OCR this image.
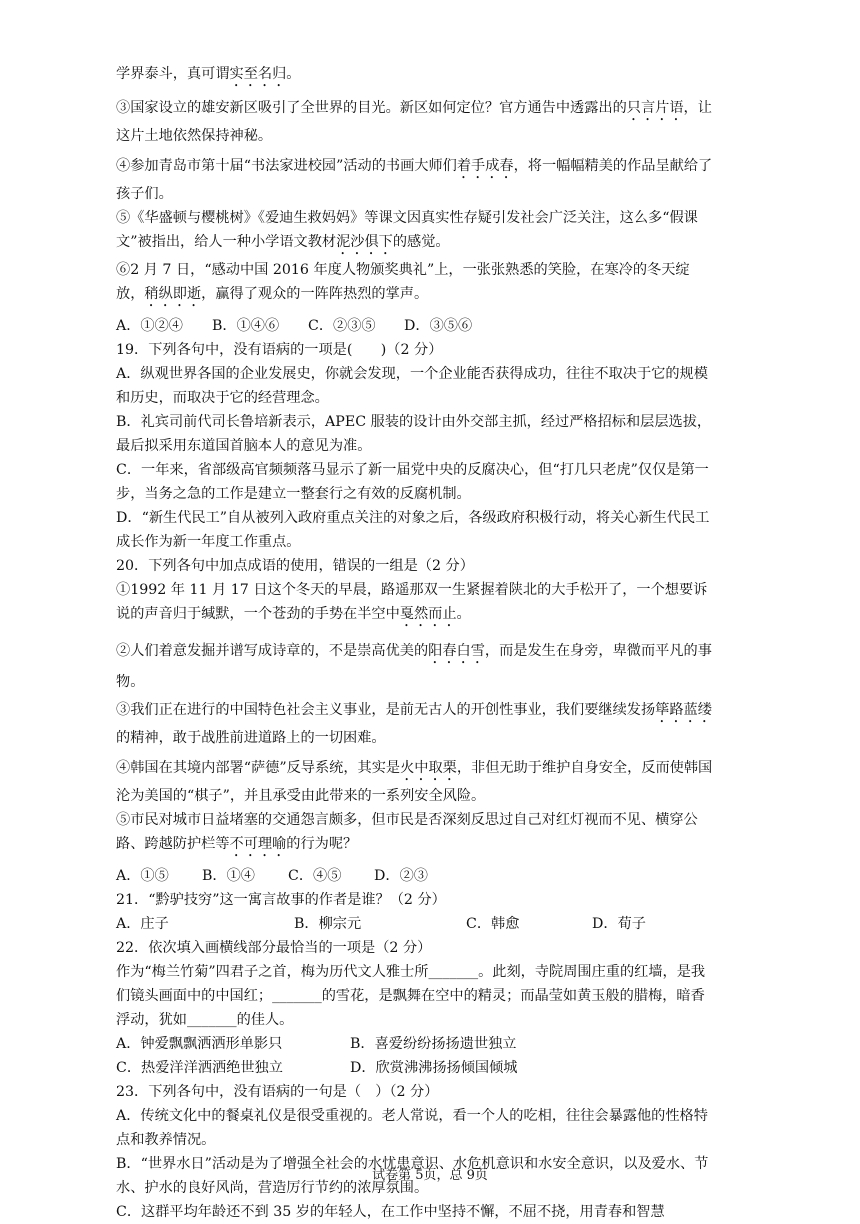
学界泰斗，真可谓实至名归。

③国家设立的雄安新区吸引了全世界的目光。新区如何定位？官方通告中透露出的只言片语，让这片土地依然保持神秘。

④参加青岛市第十届“书法家进校园”活动的书画大师们着手成春，将一幅幅精美的作品呈献给了孩子们。

⑤《华盛顿与樱桃树》《爱迪生救妈妈》等课文因真实性存疑引发社会广泛关注，这么多“假课文”被指出，给人一种小学语文教材泥沙俱下的感觉。

⑥2 月 7 日，“感动中国 2016 年度人物颁奖典礼”上，一张张熟悉的笑脸，在寒冷的冬天绽放，稍纵即逝，赢得了观众的一阵阵热烈的掌声。

A．①②④	B．①④⑥	C．②③⑤	D．③⑤⑥

19．下列各句中，没有语病的一项是(　　)（2 分）

A．纵观世界各国的企业发展史，你就会发现，一个企业能否获得成功，往往不取决于它的规模和历史，而取决于它的经营理念。

B．礼宾司前代司长鲁培新表示，APEC 服装的设计由外交部主抓，经过严格招标和层层选拔，最后拟采用东道国首脑本人的意见为准。

C．一年来，省部级高官频频落马显示了新一届党中央的反腐决心，但“打几只老虎”仅仅是第一步，当务之急的工作是建立一整套行之有效的反腐机制。

D．“新生代民工”自从被列入政府重点关注的对象之后，各级政府积极行动，将关心新生代民工成长作为新一年度工作重点。

20．下列各句中加点成语的使用，错误的一组是（2 分）

①1992 年 11 月 17 日这个冬天的早晨，路遥那双一生紧握着陕北的大手松开了，一个想要诉说的声音归于缄默，一个苍劲的手势在半空中戛然而止。

②人们着意发掘并谱写成诗章的，不是崇高优美的阳春白雪，而是发生在身旁，卑微而平凡的事物。

③我们正在进行的中国特色社会主义事业，是前无古人的开创性事业，我们要继续发扬筚路蓝缕的精神，敢于战胜前进道路上的一切困难。

④韩国在其境内部署“萨德”反导系统，其实是火中取栗，非但无助于维护自身安全，反而使韩国沦为美国的“棋子”，并且承受由此带来的一系列安全风险。

⑤市民对城市日益堵塞的交通怨言颇多，但市民是否深刻反思过自己对红灯视而不见、横穿公路、跨越防护栏等不可理喻的行为呢？

A．①⑤	B．①④	C．④⑤	D．②③

21．“黔驴技穷”这一寓言故事的作者是谁？（2 分）

A．庄子	B．柳宗元	C．韩愈	D．荀子

22．依次填入画横线部分最恰当的一项是（2 分）

作为“梅兰竹菊”四君子之首，梅为历代文人雅士所_______。此刻，寺院周围庄重的红墙，是我们镜头画面中的中国红；_______的雪花，是飘舞在空中的精灵；而晶莹如黄玉般的腊梅，暗香浮动，犹如_______的佳人。

A．钟爱飘飘洒洒形单影只	B．喜爱纷纷扬扬遗世独立
C．热爱洋洋洒洒绝世独立	D．欣赏沸沸扬扬倾国倾城

23．下列各句中，没有语病的一句是（　）（2 分）

A．传统文化中的餐桌礼仪是很受重视的。老人常说，看一个人的吃相，往往会暴露他的性格特点和教养情况。

B．“世界水日”活动是为了增强全社会的水忧患意识、水危机意识和水安全意识，以及爱水、节水、护水的良好风尚，营造厉行节约的浓厚氛围。

C．这群平均年龄还不到 35 岁的年轻人，在工作中坚持不懈，不屈不挠，用青春和智慧

试卷第 5页，总 9页
